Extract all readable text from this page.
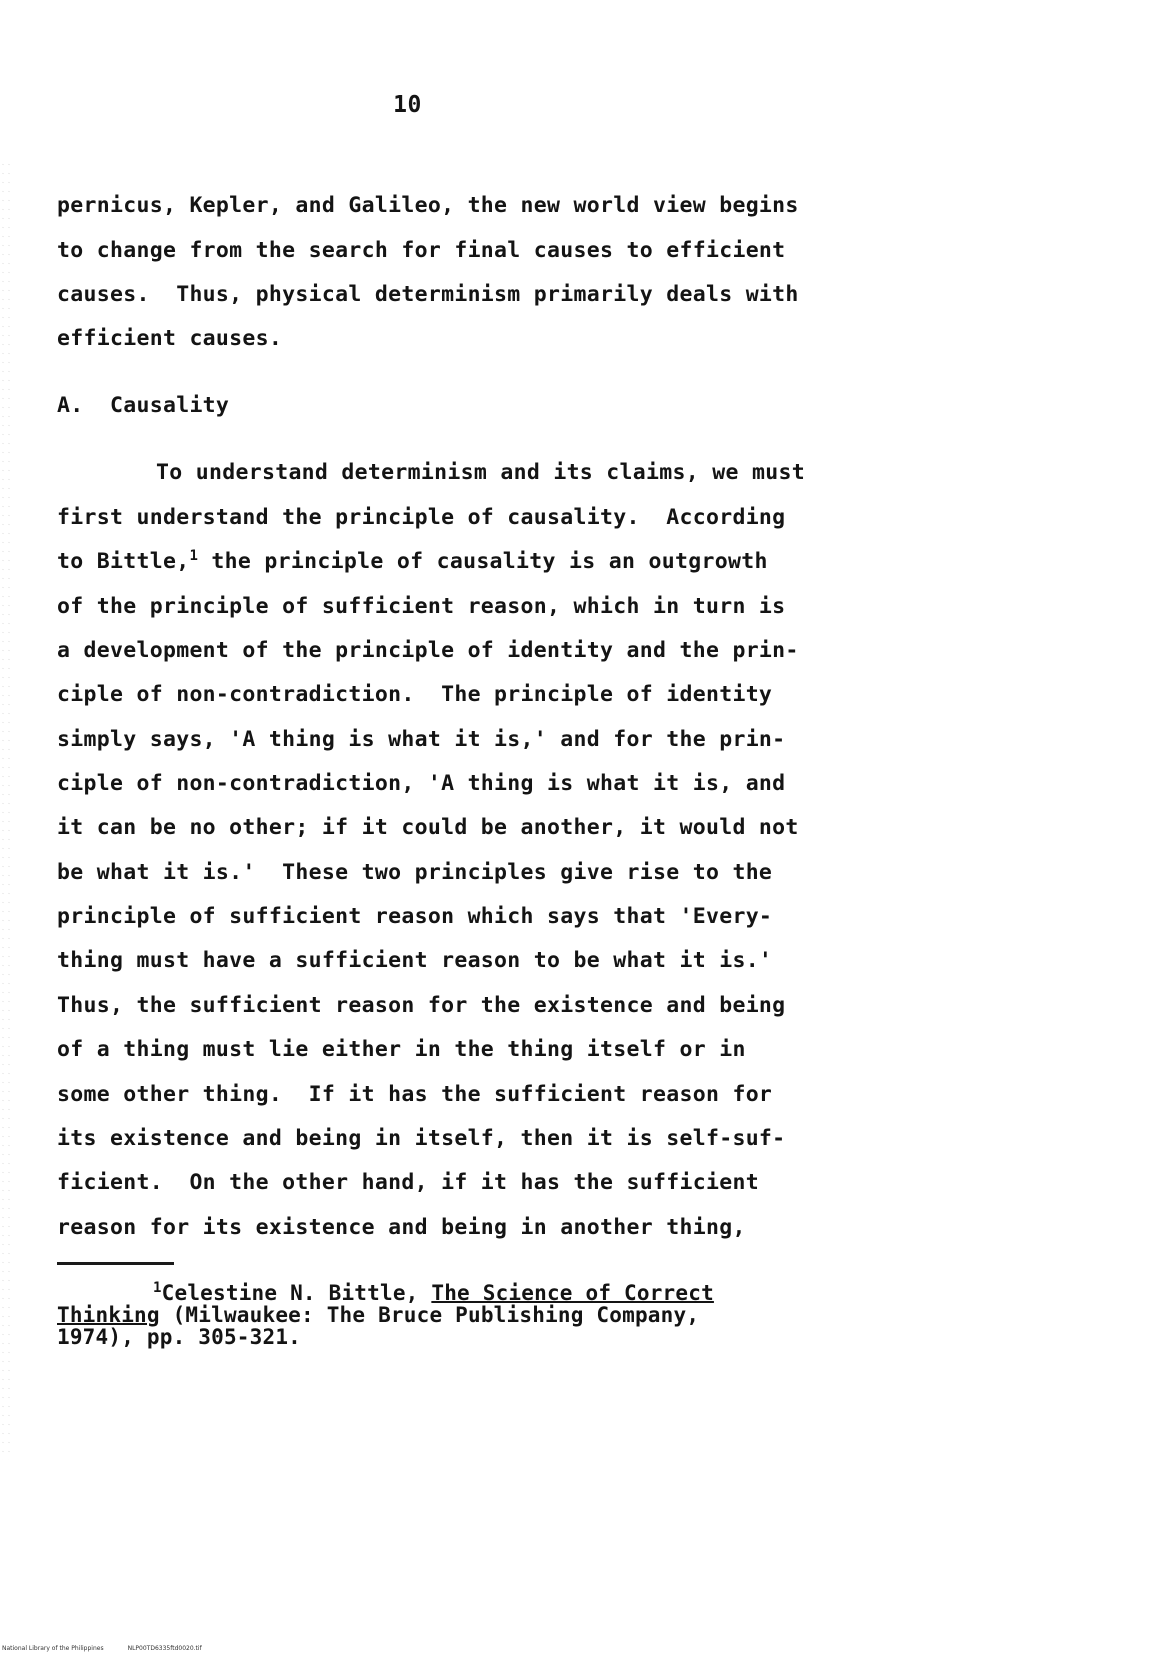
10
pernicus, Kepler, and Galileo, the new world view begins
to change from the search for final causes to efficient
causes.  Thus, physical determinism primarily deals with
efficient causes.
A.  Causality
To understand determinism and its claims, we must
first understand the principle of causality.  According
to Bittle,$^1$ the principle of causality is an outgrowth
of the principle of sufficient reason, which in turn is
a development of the principle of identity and the prin-
ciple of non-contradiction.  The principle of identity
simply says, 'A thing is what it is,' and for the prin-
ciple of non-contradiction, 'A thing is what it is, and
it can be no other; if it could be another, it would not
be what it is.'  These two principles give rise to the
principle of sufficient reason which says that 'Every-
thing must have a sufficient reason to be what it is.'
Thus, the sufficient reason for the existence and being
of a thing must lie either in the thing itself or in
some other thing.  If it has the sufficient reason for
its existence and being in itself, then it is self-suf-
ficient.  On the other hand, if it has the sufficient
reason for its existence and being in another thing,
$^1$Celestine N. Bittle, The Science of Correct
Thinking (Milwaukee: The Bruce Publishing Company,
1974), pp. 305-321.
National Library of the Philippines	NLP00TD6335ftd0020.tif
